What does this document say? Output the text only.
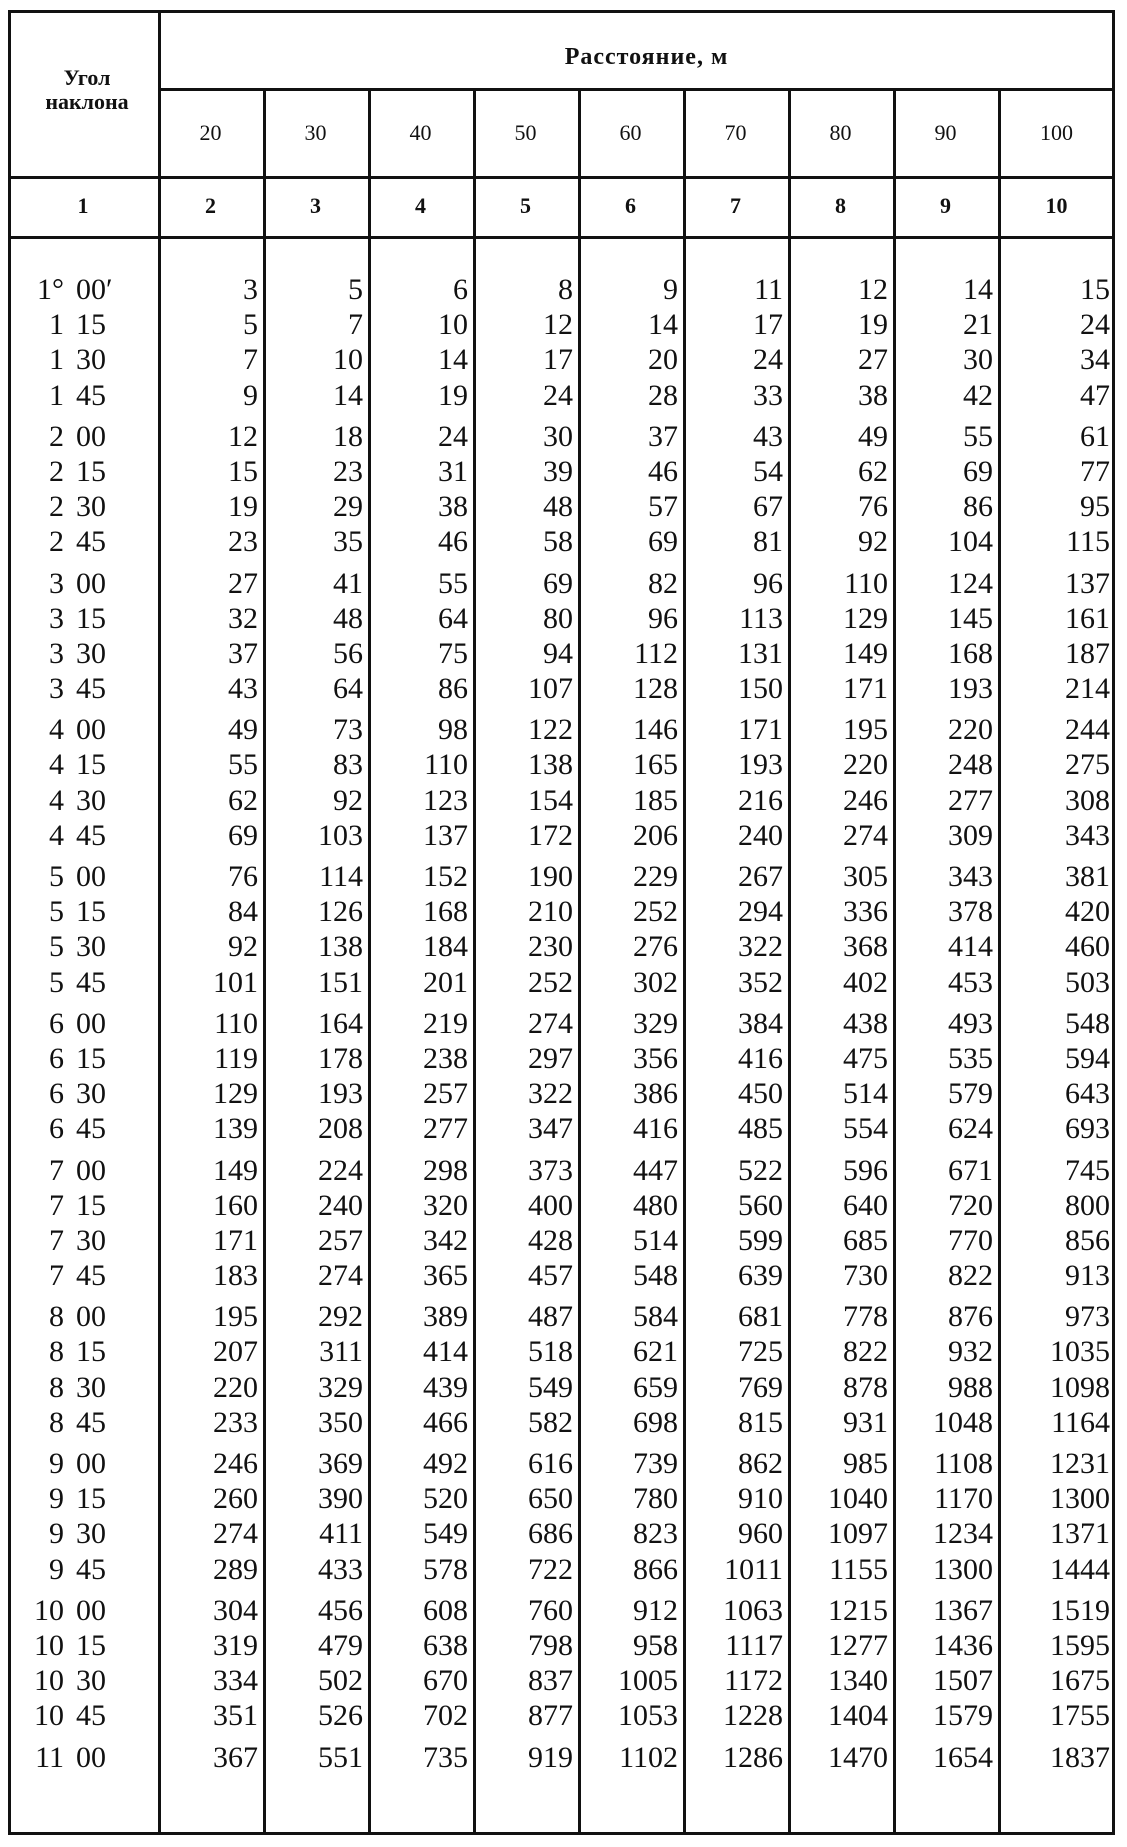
Расстояние, м
Угол наклона
20	30	40	50	60	70	80	90	100
1	2	3	4	5	6	7	8	9	10
1° 00′	3	5	6	8	9	11	12	14	15
1 15	5	7	10	12	14	17	19	21	24
1 30	7	10	14	17	20	24	27	30	34
1 45	9	14	19	24	28	33	38	42	47
2 00	12	18	24	30	37	43	49	55	61
2 15	15	23	31	39	46	54	62	69	77
2 30	19	29	38	48	57	67	76	86	95
2 45	23	35	46	58	69	81	92	104	115
3 00	27	41	55	69	82	96	110	124	137
3 15	32	48	64	80	96	113	129	145	161
3 30	37	56	75	94	112	131	149	168	187
3 45	43	64	86	107	128	150	171	193	214
4 00	49	73	98	122	146	171	195	220	244
4 15	55	83	110	138	165	193	220	248	275
4 30	62	92	123	154	185	216	246	277	308
4 45	69	103	137	172	206	240	274	309	343
5 00	76	114	152	190	229	267	305	343	381
5 15	84	126	168	210	252	294	336	378	420
5 30	92	138	184	230	276	322	368	414	460
5 45	101	151	201	252	302	352	402	453	503
6 00	110	164	219	274	329	384	438	493	548
6 15	119	178	238	297	356	416	475	535	594
6 30	129	193	257	322	386	450	514	579	643
6 45	139	208	277	347	416	485	554	624	693
7 00	149	224	298	373	447	522	596	671	745
7 15	160	240	320	400	480	560	640	720	800
7 30	171	257	342	428	514	599	685	770	856
7 45	183	274	365	457	548	639	730	822	913
8 00	195	292	389	487	584	681	778	876	973
8 15	207	311	414	518	621	725	822	932	1035
8 30	220	329	439	549	659	769	878	988	1098
8 45	233	350	466	582	698	815	931	1048	1164
9 00	246	369	492	616	739	862	985	1108	1231
9 15	260	390	520	650	780	910	1040	1170	1300
9 30	274	411	549	686	823	960	1097	1234	1371
9 45	289	433	578	722	866	1011	1155	1300	1444
10 00	304	456	608	760	912	1063	1215	1367	1519
10 15	319	479	638	798	958	1117	1277	1436	1595
10 30	334	502	670	837	1005	1172	1340	1507	1675
10 45	351	526	702	877	1053	1228	1404	1579	1755
11 00	367	551	735	919	1102	1286	1470	1654	1837
